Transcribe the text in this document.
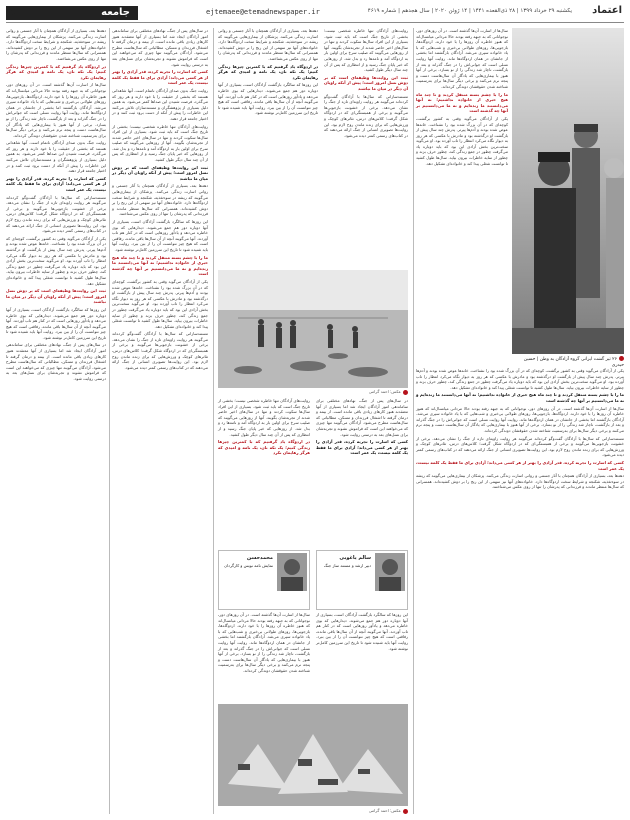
جامعه
۹	ejtemaee@etemadnewspaper.ir	یکشنبه ۲۹ خرداد ۱۳۹۹ | ۲۸ ذی‌القعده ۱۴۴۱ | ۱۴ ژوئن ۲۰۲۰ | سال هجدهم | شماره ۴۶۱۹ اعتماد
۲۶ تیر گشت ایرانی گروه آزادگان به وطن | حسین حیدری

سال‌ها از اسارت آن‌ها گذشته است. در آن روزهای دور، نوجوانانی که به جبهه رفته بودند حالا مردانی میانسال‌اند که هنوز خاطره آن روزها را با خود دارند. اردوگاه‌ها، بازجویی‌ها، روزهای طولانی بی‌خبری و شب‌هایی که با یاد خانواده سپری می‌شد. آزادگان بازگشتند اما بخشی از جانشان در همان اردوگاه‌ها ماند. روایت آنها روایت نسلی است که جوانی‌اش را در جنگ گذراند و بعد از بازگشت، ناچار شد زندگی را از نو بسازد. برخی از آنها هنوز با بیماری‌هایی که یادگار آن سال‌هاست دست و پنجه نرم می‌کنند و برخی دیگر سال‌ها برای به‌رسمیت شناخته شدن حقوقشان دوندگی کرده‌اند.

ما را با چشم بسته منتقل کردند و تا چند ماه هیچ خبری از خانواده نداشتیم؛ نه آنها می‌دانستند ما زنده‌ایم و نه ما می‌دانستیم بر آنها چه گذشته است

یکی از آزادگان می‌گوید وقتی به کشور برگشت، کوچه‌ای که در آن بزرگ شده بود را نشناخت. خانه‌ها عوض شده بودند و آدم‌ها پیرتر. پدرش چند سال پیش از بازگشت او درگذشته بود و مادرش با عکسی که هر روز به دیوار نگاه می‌کرد انتظار را تاب آورده بود. او می‌گوید سخت‌ترین بخش آزادی این بود که باید دوباره یاد می‌گرفت چطور در جمع زندگی کند، چطور حرف بزند و چطور از سایه خاطرات بیرون بیاید. سال‌ها طول کشید تا توانست شغلی پیدا کند و خانواده‌ای تشکیل دهد.

یکی از آزادگان می‌گوید وقتی به کشور برگشت، کوچه‌ای که در آن بزرگ شده بود را نشناخت. خانه‌ها عوض شده بودند و آدم‌ها پیرتر. پدرش چند سال پیش از بازگشت او درگذشته بود و مادرش با عکسی که هر روز به دیوار نگاه می‌کرد انتظار را تاب آورده بود. او می‌گوید سخت‌ترین بخش آزادی این بود که باید دوباره یاد می‌گرفت چطور در جمع زندگی کند، چطور حرف بزند و چطور از سایه خاطرات بیرون بیاید. سال‌ها طول کشید تا توانست شغلی پیدا کند و خانواده‌ای تشکیل دهد.

ما را با چشم بسته منتقل کردند و تا چند ماه هیچ خبری از خانواده نداشتیم؛ نه آنها می‌دانستند ما زنده‌ایم و نه ما می‌دانستیم بر آنها چه گذشته است

سال‌ها از اسارت آن‌ها گذشته است. در آن روزهای دور، نوجوانانی که به جبهه رفته بودند حالا مردانی میانسال‌اند که هنوز خاطره آن روزها را با خود دارند. اردوگاه‌ها، بازجویی‌ها، روزهای طولانی بی‌خبری و شب‌هایی که با یاد خانواده سپری می‌شد. آزادگان بازگشتند اما بخشی از جانشان در همان اردوگاه‌ها ماند. روایت آنها روایت نسلی است که جوانی‌اش را در جنگ گذراند و بعد از بازگشت، ناچار شد زندگی را از نو بسازد. برخی از آنها هنوز با بیماری‌هایی که یادگار آن سال‌هاست دست و پنجه نرم می‌کنند و برخی دیگر سال‌ها برای به‌رسمیت شناخته شدن حقوقشان دوندگی کرده‌اند.

مستندسازانی که سال‌ها با آزادگان گفت‌وگو کرده‌اند می‌گویند هر روایت زاویه‌ای تازه از جنگ را نشان می‌دهد. برخی از خشونت بازجویی‌ها می‌گویند و برخی از همبستگی‌ای که در اردوگاه شکل گرفت؛ کلاس‌های درس، تئاترهای کوچک و ورزش‌هایی که برای زنده ماندن روح لازم بود. این روایت‌ها تصویری انسانی از جنگ ارائه می‌دهند که در کتاب‌های رسمی کمتر دیده می‌شود.

کسی که اسارت را تجربه کرده، قدر آزادی را بهتر از هر کسی می‌داند؛ آزادی برای ما فقط یک کلمه نیست، یک عمر است

دهه‌ها بعد، بسیاری از آزادگان همچنان با آثار جسمی و روانی اسارت زندگی می‌کنند. پزشکان از بیماری‌هایی می‌گویند که ریشه در سوءتغذیه، شکنجه و شرایط سخت اردوگاه‌ها دارد. خانواده‌های آنها نیز سهمی از این رنج را بر دوش کشیده‌اند. همسرانی که سال‌ها منتظر ماندند و فرزندانی که پدرشان را تنها از روی عکس می‌شناختند.

روایت‌های آزادگان تنها خاطره شخصی نیست؛ بخشی از تاریخ جنگ است که باید ثبت شود. بسیاری از این افراد سال‌ها سکوت کردند و تنها در سال‌های اخیر حاضر شدند از تجربه‌شان بگویند. آنها از روزهایی می‌گویند که صلیب سرخ برای اولین بار به اردوگاه آمد و نامه‌ها رد و بدل شد. از روزهایی که خبر پایان جنگ رسید و از انتظاری که پس از آن چند سال دیگر طول کشید.

ثبت این روایت‌ها وظیفه‌ای است که بر دوش نسل امروز است؛ پیش از آنکه راویان آن دیگر در میان ما نباشند

مستندسازانی که سال‌ها با آزادگان گفت‌وگو کرده‌اند می‌گویند هر روایت زاویه‌ای تازه از جنگ را نشان می‌دهد. برخی از خشونت بازجویی‌ها می‌گویند و برخی از همبستگی‌ای که در اردوگاه شکل گرفت؛ کلاس‌های درس، تئاترهای کوچک و ورزش‌هایی که برای زنده ماندن روح لازم بود. این روایت‌ها تصویری انسانی از جنگ ارائه می‌دهند که در کتاب‌های رسمی کمتر دیده می‌شود.

دهه‌ها بعد، بسیاری از آزادگان همچنان با آثار جسمی و روانی اسارت زندگی می‌کنند. پزشکان از بیماری‌هایی می‌گویند که ریشه در سوءتغذیه، شکنجه و شرایط سخت اردوگاه‌ها دارد. خانواده‌های آنها نیز سهمی از این رنج را بر دوش کشیده‌اند. همسرانی که سال‌ها منتظر ماندند و فرزندانی که پدرشان را تنها از روی عکس می‌شناختند.

در اردوگاه یاد گرفتیم که با کمترین چیزها زندگی کنیم؛ یک تکه نان، یک نامه و امیدی که هرگز رهایمان نکرد

این روزها که سالگرد بازگشت آزادگان است، بسیاری از آنها دوباره دور هم جمع می‌شوند. دیدارهایی که بوی خاطره می‌دهد و یادآور روزهایی است که در کنار هم تاب آوردند. آنها می‌گویند آنچه از آن سال‌ها باقی مانده، رفاقتی است که هیچ چیز نتوانست آن را از بین ببرد. روایت آنها باید شنیده شود تا تاریخ این سرزمین کامل‌تر نوشته شود.

عکس: احمد گرامی

در سال‌های پس از جنگ، نهادهای مختلفی برای ساماندهی امور آزادگان ایجاد شد اما بسیاری از آنها معتقدند هنوز کارهای زیادی باقی مانده است. از بیمه و درمان گرفته تا اشتغال فرزندان و مسکن، مطالباتی که سال‌هاست مطرح می‌شود. آزادگان می‌گویند تنها چیزی که می‌خواهند این است که فراموش نشوند و تجربه‌شان برای نسل‌های بعد به درستی روایت شود.

کسی که اسارت را تجربه کرده، قدر آزادی را بهتر از هر کسی می‌داند؛ آزادی برای ما فقط یک کلمه نیست، یک عمر است

روایت‌های آزادگان تنها خاطره شخصی نیست؛ بخشی از تاریخ جنگ است که باید ثبت شود. بسیاری از این افراد سال‌ها سکوت کردند و تنها در سال‌های اخیر حاضر شدند از تجربه‌شان بگویند. آنها از روزهایی می‌گویند که صلیب سرخ برای اولین بار به اردوگاه آمد و نامه‌ها رد و بدل شد. از روزهایی که خبر پایان جنگ رسید و از انتظاری که پس از آن چند سال دیگر طول کشید.

در اردوگاه یاد گرفتیم که با کمترین چیزها زندگی کنیم؛ یک تکه نان، یک نامه و امیدی که هرگز رهایمان نکرد

سالم یاغوبی
دبیر ارشد و مستند ساز جنگ
محمدحسن
نمایش نامه نویس و کارگردان

این روزها که سالگرد بازگشت آزادگان است، بسیاری از آنها دوباره دور هم جمع می‌شوند. دیدارهایی که بوی خاطره می‌دهد و یادآور روزهایی است که در کنار هم تاب آوردند. آنها می‌گویند آنچه از آن سال‌ها باقی مانده، رفاقتی است که هیچ چیز نتوانست آن را از بین ببرد. روایت آنها باید شنیده شود تا تاریخ این سرزمین کامل‌تر نوشته شود.

سال‌ها از اسارت آن‌ها گذشته است. در آن روزهای دور، نوجوانانی که به جبهه رفته بودند حالا مردانی میانسال‌اند که هنوز خاطره آن روزها را با خود دارند. اردوگاه‌ها، بازجویی‌ها، روزهای طولانی بی‌خبری و شب‌هایی که با یاد خانواده سپری می‌شد. آزادگان بازگشتند اما بخشی از جانشان در همان اردوگاه‌ها ماند. روایت آنها روایت نسلی است که جوانی‌اش را در جنگ گذراند و بعد از بازگشت، ناچار شد زندگی را از نو بسازد. برخی از آنها هنوز با بیماری‌هایی که یادگار آن سال‌هاست دست و پنجه نرم می‌کنند و برخی دیگر سال‌ها برای به‌رسمیت شناخته شدن حقوقشان دوندگی کرده‌اند.

عکس: احمد گرامی

در سال‌های پس از جنگ، نهادهای مختلفی برای ساماندهی امور آزادگان ایجاد شد اما بسیاری از آنها معتقدند هنوز کارهای زیادی باقی مانده است. از بیمه و درمان گرفته تا اشتغال فرزندان و مسکن، مطالباتی که سال‌هاست مطرح می‌شود. آزادگان می‌گویند تنها چیزی که می‌خواهند این است که فراموش نشوند و تجربه‌شان برای نسل‌های بعد به درستی روایت شود.

کسی که اسارت را تجربه کرده، قدر آزادی را بهتر از هر کسی می‌داند؛ آزادی برای ما فقط یک کلمه نیست، یک عمر است

روایت جنگ بدون صدای آزادگان ناتمام است. آنها شاهدانی هستند که بخشی از حقیقت را با خود دارند و هر روز که می‌گذرد، فرصت شنیدن این صداها کمتر می‌شود. به همین دلیل بسیاری از پژوهشگران و مستندسازان تلاش می‌کنند این خاطرات را پیش از آنکه از دست برود ثبت کنند و در اختیار جامعه قرار دهند.

روایت‌های آزادگان تنها خاطره شخصی نیست؛ بخشی از تاریخ جنگ است که باید ثبت شود. بسیاری از این افراد سال‌ها سکوت کردند و تنها در سال‌های اخیر حاضر شدند از تجربه‌شان بگویند. آنها از روزهایی می‌گویند که صلیب سرخ برای اولین بار به اردوگاه آمد و نامه‌ها رد و بدل شد. از روزهایی که خبر پایان جنگ رسید و از انتظاری که پس از آن چند سال دیگر طول کشید.

ثبت این روایت‌ها وظیفه‌ای است که بر دوش نسل امروز است؛ پیش از آنکه راویان آن دیگر در میان ما نباشند

دهه‌ها بعد، بسیاری از آزادگان همچنان با آثار جسمی و روانی اسارت زندگی می‌کنند. پزشکان از بیماری‌هایی می‌گویند که ریشه در سوءتغذیه، شکنجه و شرایط سخت اردوگاه‌ها دارد. خانواده‌های آنها نیز سهمی از این رنج را بر دوش کشیده‌اند. همسرانی که سال‌ها منتظر ماندند و فرزندانی که پدرشان را تنها از روی عکس می‌شناختند.

این روزها که سالگرد بازگشت آزادگان است، بسیاری از آنها دوباره دور هم جمع می‌شوند. دیدارهایی که بوی خاطره می‌دهد و یادآور روزهایی است که در کنار هم تاب آوردند. آنها می‌گویند آنچه از آن سال‌ها باقی مانده، رفاقتی است که هیچ چیز نتوانست آن را از بین ببرد. روایت آنها باید شنیده شود تا تاریخ این سرزمین کامل‌تر نوشته شود.

ما را با چشم بسته منتقل کردند و تا چند ماه هیچ خبری از خانواده نداشتیم؛ نه آنها می‌دانستند ما زنده‌ایم و نه ما می‌دانستیم بر آنها چه گذشته است

یکی از آزادگان می‌گوید وقتی به کشور برگشت، کوچه‌ای که در آن بزرگ شده بود را نشناخت. خانه‌ها عوض شده بودند و آدم‌ها پیرتر. پدرش چند سال پیش از بازگشت او درگذشته بود و مادرش با عکسی که هر روز به دیوار نگاه می‌کرد انتظار را تاب آورده بود. او می‌گوید سخت‌ترین بخش آزادی این بود که باید دوباره یاد می‌گرفت چطور در جمع زندگی کند، چطور حرف بزند و چطور از سایه خاطرات بیرون بیاید. سال‌ها طول کشید تا توانست شغلی پیدا کند و خانواده‌ای تشکیل دهد.

مستندسازانی که سال‌ها با آزادگان گفت‌وگو کرده‌اند می‌گویند هر روایت زاویه‌ای تازه از جنگ را نشان می‌دهد. برخی از خشونت بازجویی‌ها می‌گویند و برخی از همبستگی‌ای که در اردوگاه شکل گرفت؛ کلاس‌های درس، تئاترهای کوچک و ورزش‌هایی که برای زنده ماندن روح لازم بود. این روایت‌ها تصویری انسانی از جنگ ارائه می‌دهند که در کتاب‌های رسمی کمتر دیده می‌شود.

دهه‌ها بعد، بسیاری از آزادگان همچنان با آثار جسمی و روانی اسارت زندگی می‌کنند. پزشکان از بیماری‌هایی می‌گویند که ریشه در سوءتغذیه، شکنجه و شرایط سخت اردوگاه‌ها دارد. خانواده‌های آنها نیز سهمی از این رنج را بر دوش کشیده‌اند. همسرانی که سال‌ها منتظر ماندند و فرزندانی که پدرشان را تنها از روی عکس می‌شناختند.

در اردوگاه یاد گرفتیم که با کمترین چیزها زندگی کنیم؛ یک تکه نان، یک نامه و امیدی که هرگز رهایمان نکرد

سال‌ها از اسارت آن‌ها گذشته است. در آن روزهای دور، نوجوانانی که به جبهه رفته بودند حالا مردانی میانسال‌اند که هنوز خاطره آن روزها را با خود دارند. اردوگاه‌ها، بازجویی‌ها، روزهای طولانی بی‌خبری و شب‌هایی که با یاد خانواده سپری می‌شد. آزادگان بازگشتند اما بخشی از جانشان در همان اردوگاه‌ها ماند. روایت آنها روایت نسلی است که جوانی‌اش را در جنگ گذراند و بعد از بازگشت، ناچار شد زندگی را از نو بسازد. برخی از آنها هنوز با بیماری‌هایی که یادگار آن سال‌هاست دست و پنجه نرم می‌کنند و برخی دیگر سال‌ها برای به‌رسمیت شناخته شدن حقوقشان دوندگی کرده‌اند.

روایت جنگ بدون صدای آزادگان ناتمام است. آنها شاهدانی هستند که بخشی از حقیقت را با خود دارند و هر روز که می‌گذرد، فرصت شنیدن این صداها کمتر می‌شود. به همین دلیل بسیاری از پژوهشگران و مستندسازان تلاش می‌کنند این خاطرات را پیش از آنکه از دست برود ثبت کنند و در اختیار جامعه قرار دهند.

کسی که اسارت را تجربه کرده، قدر آزادی را بهتر از هر کسی می‌داند؛ آزادی برای ما فقط یک کلمه نیست، یک عمر است

مستندسازانی که سال‌ها با آزادگان گفت‌وگو کرده‌اند می‌گویند هر روایت زاویه‌ای تازه از جنگ را نشان می‌دهد. برخی از خشونت بازجویی‌ها می‌گویند و برخی از همبستگی‌ای که در اردوگاه شکل گرفت؛ کلاس‌های درس، تئاترهای کوچک و ورزش‌هایی که برای زنده ماندن روح لازم بود. این روایت‌ها تصویری انسانی از جنگ ارائه می‌دهند که در کتاب‌های رسمی کمتر دیده می‌شود.

یکی از آزادگان می‌گوید وقتی به کشور برگشت، کوچه‌ای که در آن بزرگ شده بود را نشناخت. خانه‌ها عوض شده بودند و آدم‌ها پیرتر. پدرش چند سال پیش از بازگشت او درگذشته بود و مادرش با عکسی که هر روز به دیوار نگاه می‌کرد انتظار را تاب آورده بود. او می‌گوید سخت‌ترین بخش آزادی این بود که باید دوباره یاد می‌گرفت چطور در جمع زندگی کند، چطور حرف بزند و چطور از سایه خاطرات بیرون بیاید. سال‌ها طول کشید تا توانست شغلی پیدا کند و خانواده‌ای تشکیل دهد.

ثبت این روایت‌ها وظیفه‌ای است که بر دوش نسل امروز است؛ پیش از آنکه راویان آن دیگر در میان ما نباشند

این روزها که سالگرد بازگشت آزادگان است، بسیاری از آنها دوباره دور هم جمع می‌شوند. دیدارهایی که بوی خاطره می‌دهد و یادآور روزهایی است که در کنار هم تاب آوردند. آنها می‌گویند آنچه از آن سال‌ها باقی مانده، رفاقتی است که هیچ چیز نتوانست آن را از بین ببرد. روایت آنها باید شنیده شود تا تاریخ این سرزمین کامل‌تر نوشته شود.

در سال‌های پس از جنگ، نهادهای مختلفی برای ساماندهی امور آزادگان ایجاد شد اما بسیاری از آنها معتقدند هنوز کارهای زیادی باقی مانده است. از بیمه و درمان گرفته تا اشتغال فرزندان و مسکن، مطالباتی که سال‌هاست مطرح می‌شود. آزادگان می‌گویند تنها چیزی که می‌خواهند این است که فراموش نشوند و تجربه‌شان برای نسل‌های بعد به درستی روایت شود.
